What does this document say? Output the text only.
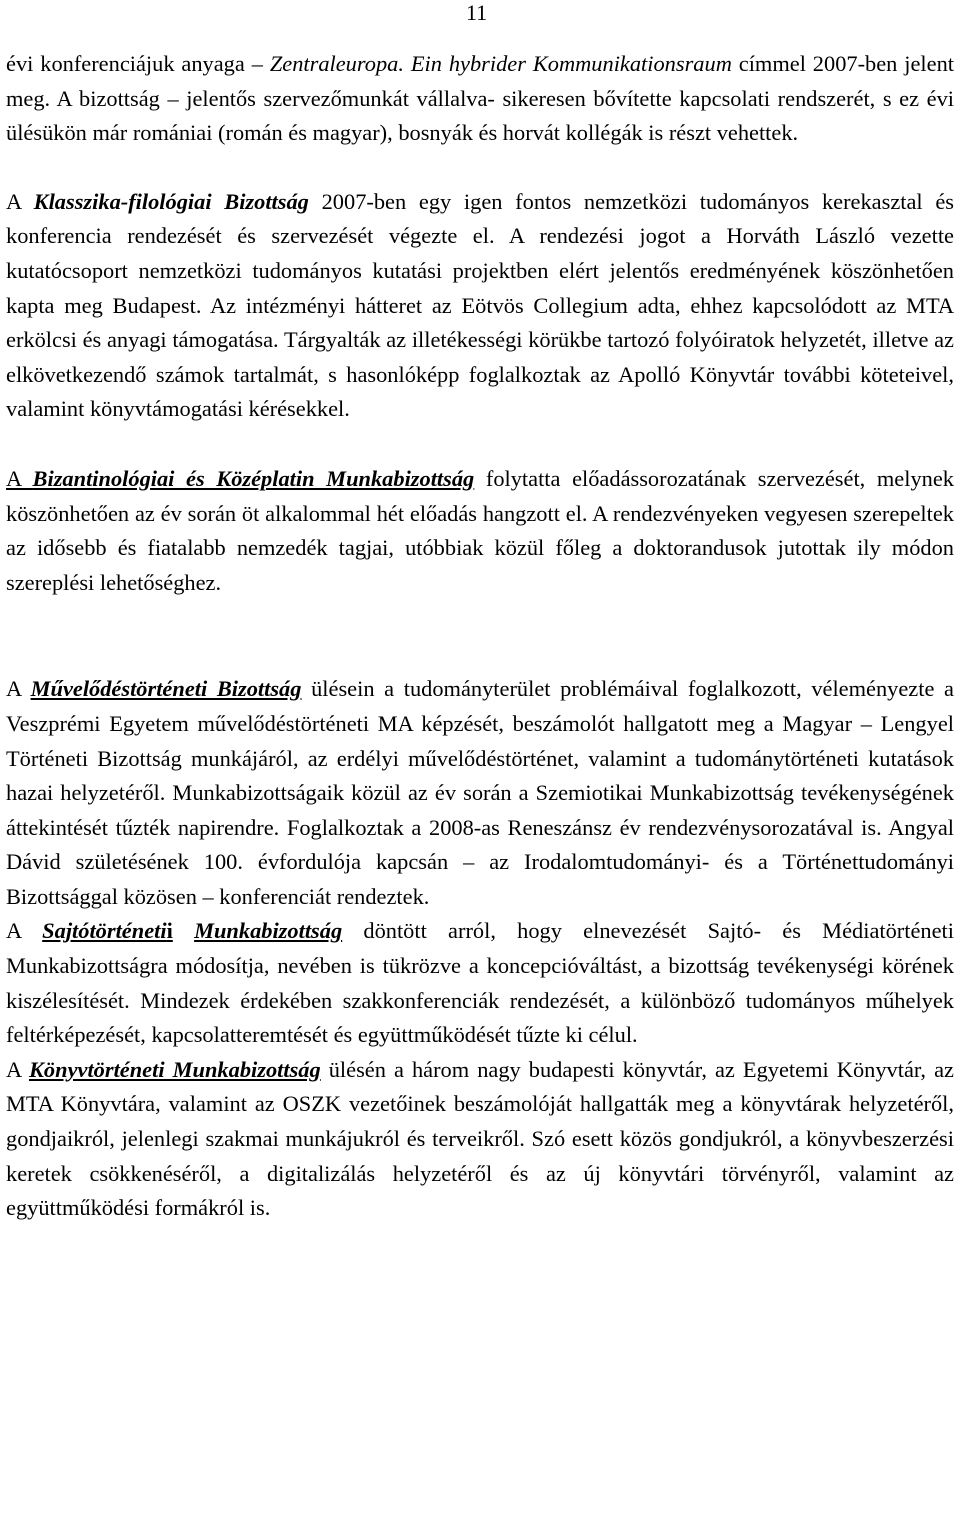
11

évi konferenciájuk anyaga – Zentraleuropa. Ein hybrider Kommunikationsraum címmel 2007-ben jelent meg. A bizottság – jelentős szervezőmunkát vállalva- sikeresen bővítette kapcsolati rendszerét, s ez évi ülésükön már romániai (román és magyar), bosnyák és horvát kollégák is részt vehettek.

A Klasszika-filológiai Bizottság 2007-ben egy igen fontos nemzetközi tudományos kerekasztal és konferencia rendezését és szervezését végezte el. A rendezési jogot a Horváth László vezette kutatócsoport nemzetközi tudományos kutatási projektben elért jelentős eredményének köszönhetően kapta meg Budapest. Az intézményi hátteret az Eötvös Collegium adta, ehhez kapcsolódott az MTA erkölcsi és anyagi támogatása. Tárgyalták az illetékességi körükbe tartozó folyóiratok helyzetét, illetve az elkövetkezendő számok tartalmát, s hasonlóképp foglalkoztak az Apolló Könyvtár további köteteivel, valamint könyvtámogatási kérésekkel.

A Bizantinológiai és Középlatin Munkabizottság folytatta előadássorozatának szervezését, melynek köszönhetően az év során öt alkalommal hét előadás hangzott el. A rendezvényeken vegyesen szerepeltek az idősebb és fiatalabb nemzedék tagjai, utóbbiak közül főleg a doktorandusok jutottak ily módon szereplési lehetőséghez.

A Művelődéstörténeti Bizottság ülésein a tudományterület problémáival foglalkozott, véleményezte a Veszprémi Egyetem művelődéstörténeti MA képzését, beszámolót hallgatott meg a Magyar – Lengyel Történeti Bizottság munkájáról, az erdélyi művelődéstörténet, valamint a tudománytörténeti kutatások hazai helyzetéről. Munkabizottságaik közül az év során a Szemiotikai Munkabizottság tevékenységének áttekintését tűzték napirendre. Foglalkoztak a 2008-as Reneszánsz év rendezvénysorozatával is. Angyal Dávid születésének 100. évfordulója kapcsán – az Irodalomtudományi- és a Történettudományi Bizottsággal közösen – konferenciát rendeztek.

A Sajtótörténetii Munkabizottság döntött arról, hogy elnevezését Sajtó- és Médiatörténeti Munkabizottságra módosítja, nevében is tükrözve a koncepcióváltást, a bizottság tevékenységi körének kiszélesítését. Mindezek érdekében szakkonferenciák rendezését, a különböző tudományos műhelyek feltérképezését, kapcsolatteremtését és együttműködését tűzte ki célul.

A Könyvtörténeti Munkabizottság ülésén a három nagy budapesti könyvtár, az Egyetemi Könyvtár, az MTA Könyvtára, valamint az OSZK vezetőinek beszámolóját hallgatták meg a könyvtárak helyzetéről, gondjaikról, jelenlegi szakmai munkájukról és terveikről. Szó esett közös gondjukról, a könyvbeszerzési keretek csökkenéséről, a digitalizálás helyzetéről és az új könyvtári törvényről, valamint az együttműködési formákról is.
